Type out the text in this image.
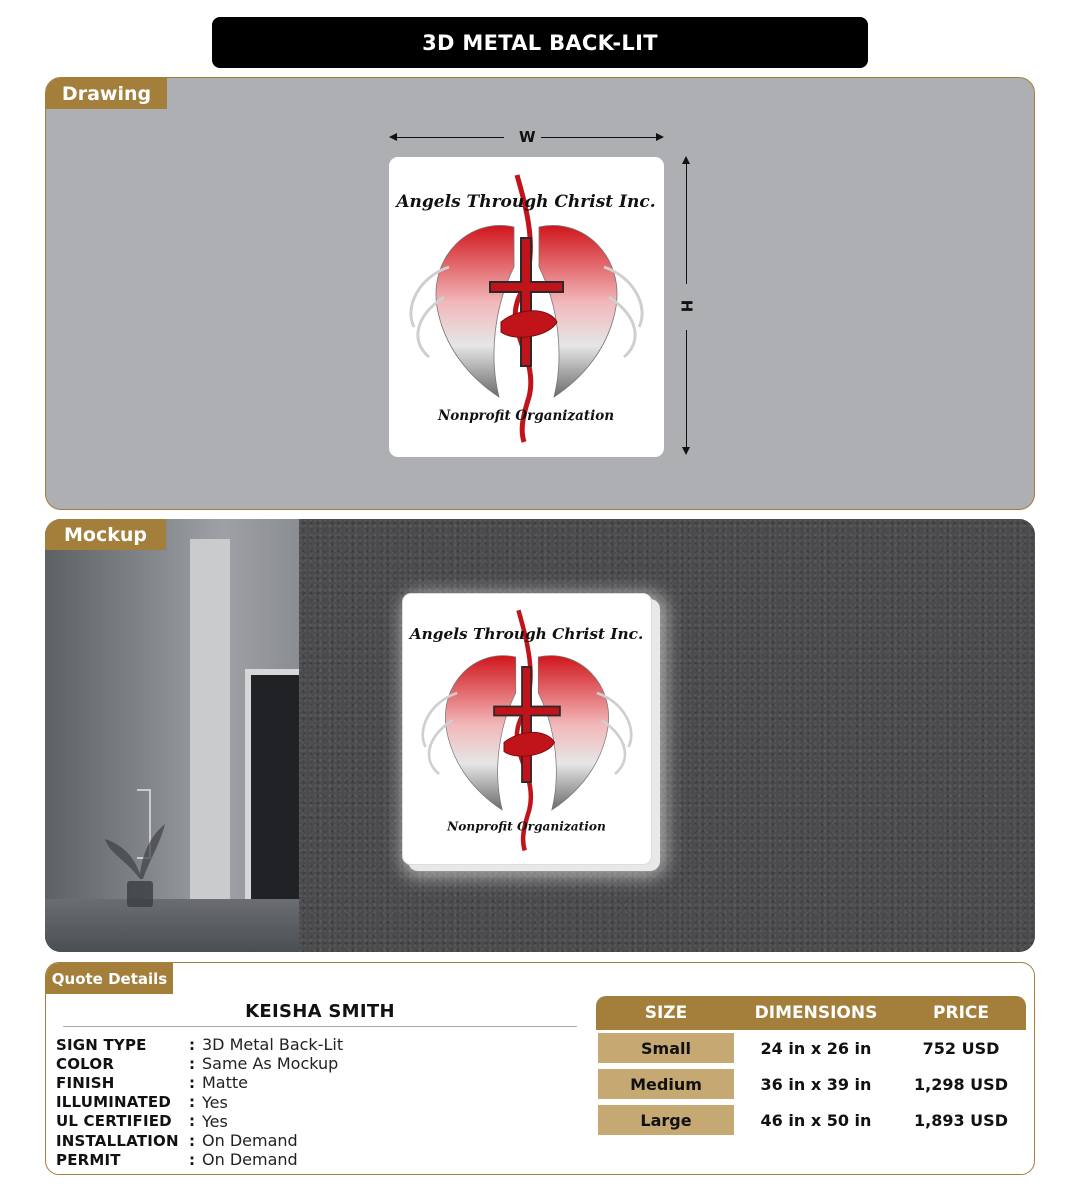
3D METAL BACK-LIT
Drawing
W
H
Angels Through Christ Inc.
Nonprofit Organization
Mockup
Angels Through Christ Inc.
Nonprofit Organization
Quote Details
KEISHA SMITH
SIGN TYPE	: 3D Metal Back-Lit
COLOR	: Same As Mockup
FINISH	: Matte
ILLUMINATED	: Yes
UL CERTIFIED	: Yes
INSTALLATION : On Demand
PERMIT	: On Demand
SIZE	DIMENSIONS	PRICE
Small	24 in x 26 in	752 USD
Medium	36 in x 39 in	1,298 USD
Large	46 in x 50 in	1,893 USD
